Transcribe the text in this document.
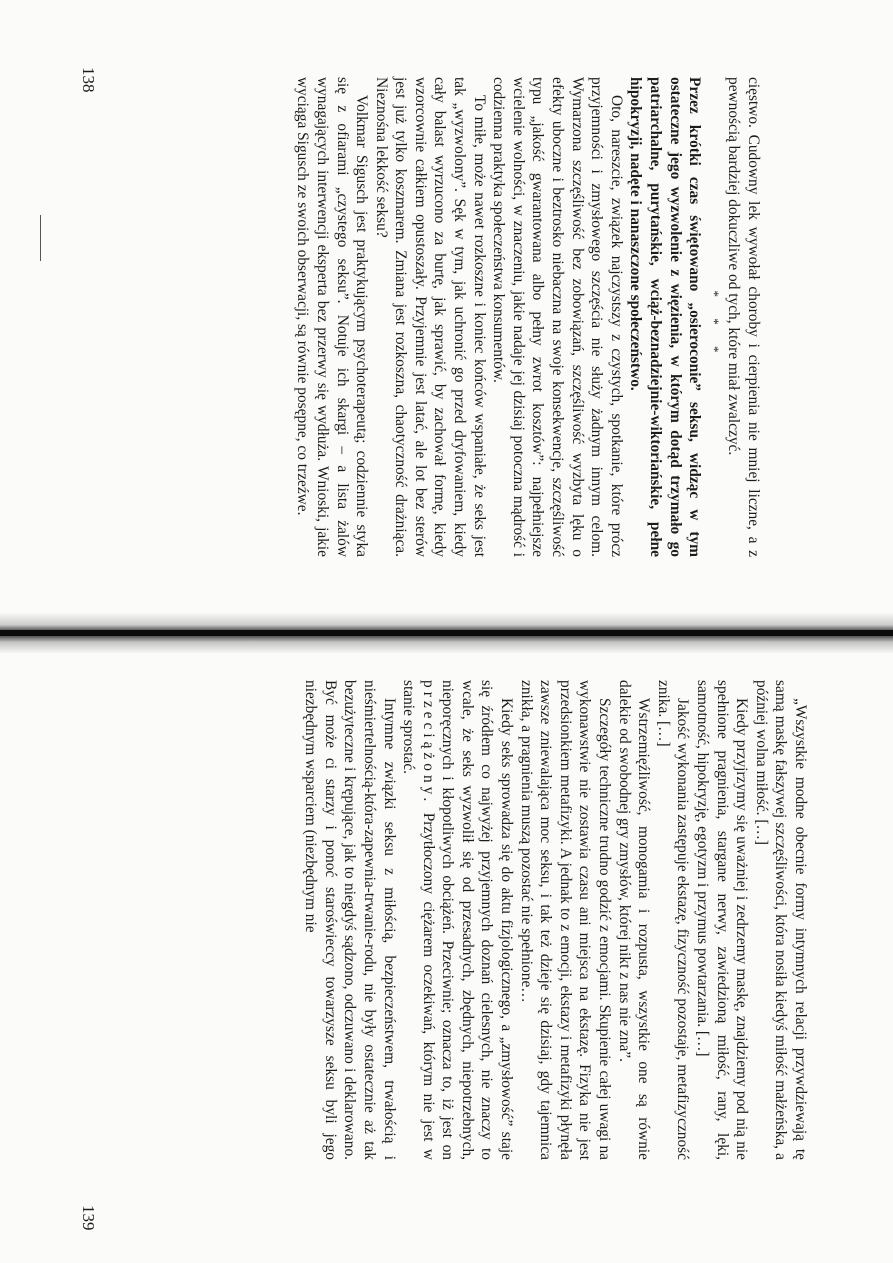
cięstwo. Cudowny lek wywołał choroby i cierpienia nie mniej liczne, a z pewnością bardziej dokuczliwe od tych, które miał zwalczyć.

* * *

Przez krótki czas świętowano „osieroconie” seksu, widząc w tym ostateczne jego wyzwolenie z więzienia, w którym dotąd trzymało go patriarchalne, purytańskie, wciąż-beznadziejnie-wiktoriańskie, pełne hipokryzji, nadęte i nanaszczone społeczeństwo.

Oto, nareszcie, związek najczystszy z czystych, spotkanie, które prócz przyjemności i zmysłowego szczęścia nie służy żadnym innym celom. Wymarzona szczęśliwość bez zobowiązań, szczęśliwość wyzbyta lęku o efekty uboczne i beztrosko niebaczna na swoje konsekwencje, szczęśliwość typu „jakość gwarantowana albo pełny zwrot kosztów”: najpełniejsze wcielenie wolności, w znaczeniu, jakie nadaje jej dzisiaj potoczna mądrość i codzienna praktyka społeczeństwa konsumentów.

To miłe, może nawet rozkoszne i koniec końców wspaniałe, że seks jest tak „wyzwolony”. Sęk w tym, jak uchronić go przed dryfowaniem, kiedy cały balast wyrzucono za burtę, jak sprawić, by zachował formę, kiedy wzorcownie całkiem opustoszały. Przyjemnie jest latać, ale lot bez sterów jest już tylko koszmarem. Zmiana jest rozkoszna, chaotyczność drażniąca. Nieznośna lekkość seksu?

Volkmar Sigusch jest praktykującym psychoterapeutą; codziennie styka się z ofiarami „czystego seksu”. Notuje ich skargi – a lista żalów wynagających interwencji eksperta bez przerwy się wydłuża. Wnioski, jakie wyciąga Sigusch ze swoich obserwacji, są równie posępne, co trzeźwe.

138

„Wszystkie modne obecnie formy intymnych relacji przywdziewają tę samą maskę fałszywej szczęśliwości, która nosiła kiedyś miłość małżeńska, a później wolna miłość. […]

Kiedy przyjrzymy się uważniej i zedrzemy maskę, znajdziemy pod nią nie spełnione pragnienia, stargane nerwy, zawiedzioną miłość, rany, lęki, samotność, hipokryzję, egotyzm i przymus powtarzania. […]

Jakość wykonania zastępuje ekstazę, fizyczność pozostaje, metafizyczność znika. […]

Wstrzemięźliwość, monogamia i rozpusta, wszystkie one są równie dalekie od swobodnej gry zmysłów, której nikt z nas nie zna”.

Szczegóły techniczne trudno godzić z emocjami. Skupienie całej uwagi na wykonawstwie nie zostawia czasu ani miejsca na ekstazę. Fizyka nie jest przedsionkiem metafizyki. A jednak to z emocji, ekstazy i metafizyki płynęła zawsze zniewalająca moc seksu, i tak też dzieje się dzisiaj, gdy tajemnica znikła, a pragnienia muszą pozostać nie spełnione…

Kiedy seks sprowadza się do aktu fizjologicznego, a „zmysłowość” staje się źródłem co najwyżej przyjemnych doznań cielesnych, nie znaczy to wcale, że seks wyzwolił się od przesadnych, zbędnych, niepotrzebnych, nieporęcznych i kłopotliwych obciążeń. Przeciwnie; oznacza to, iż jest on przeciążony. Przytłoczony ciężarem oczekiwań, którym nie jest w stanie sprostać.

Intymne związki seksu z miłością, bezpieczeństwem, trwałością i nieśmiertelnością-która-zapewnia-trwanie-rodu, nie były ostatecznie aż tak bezużyteczne i krępujące, jak to niegdyś sądzono, odczuwano i deklarowano. Być może ci starzy i ponoć staroświeccy towarzysze seksu byli jego niezbędnym wsparciem (niezbędnym nie

139
